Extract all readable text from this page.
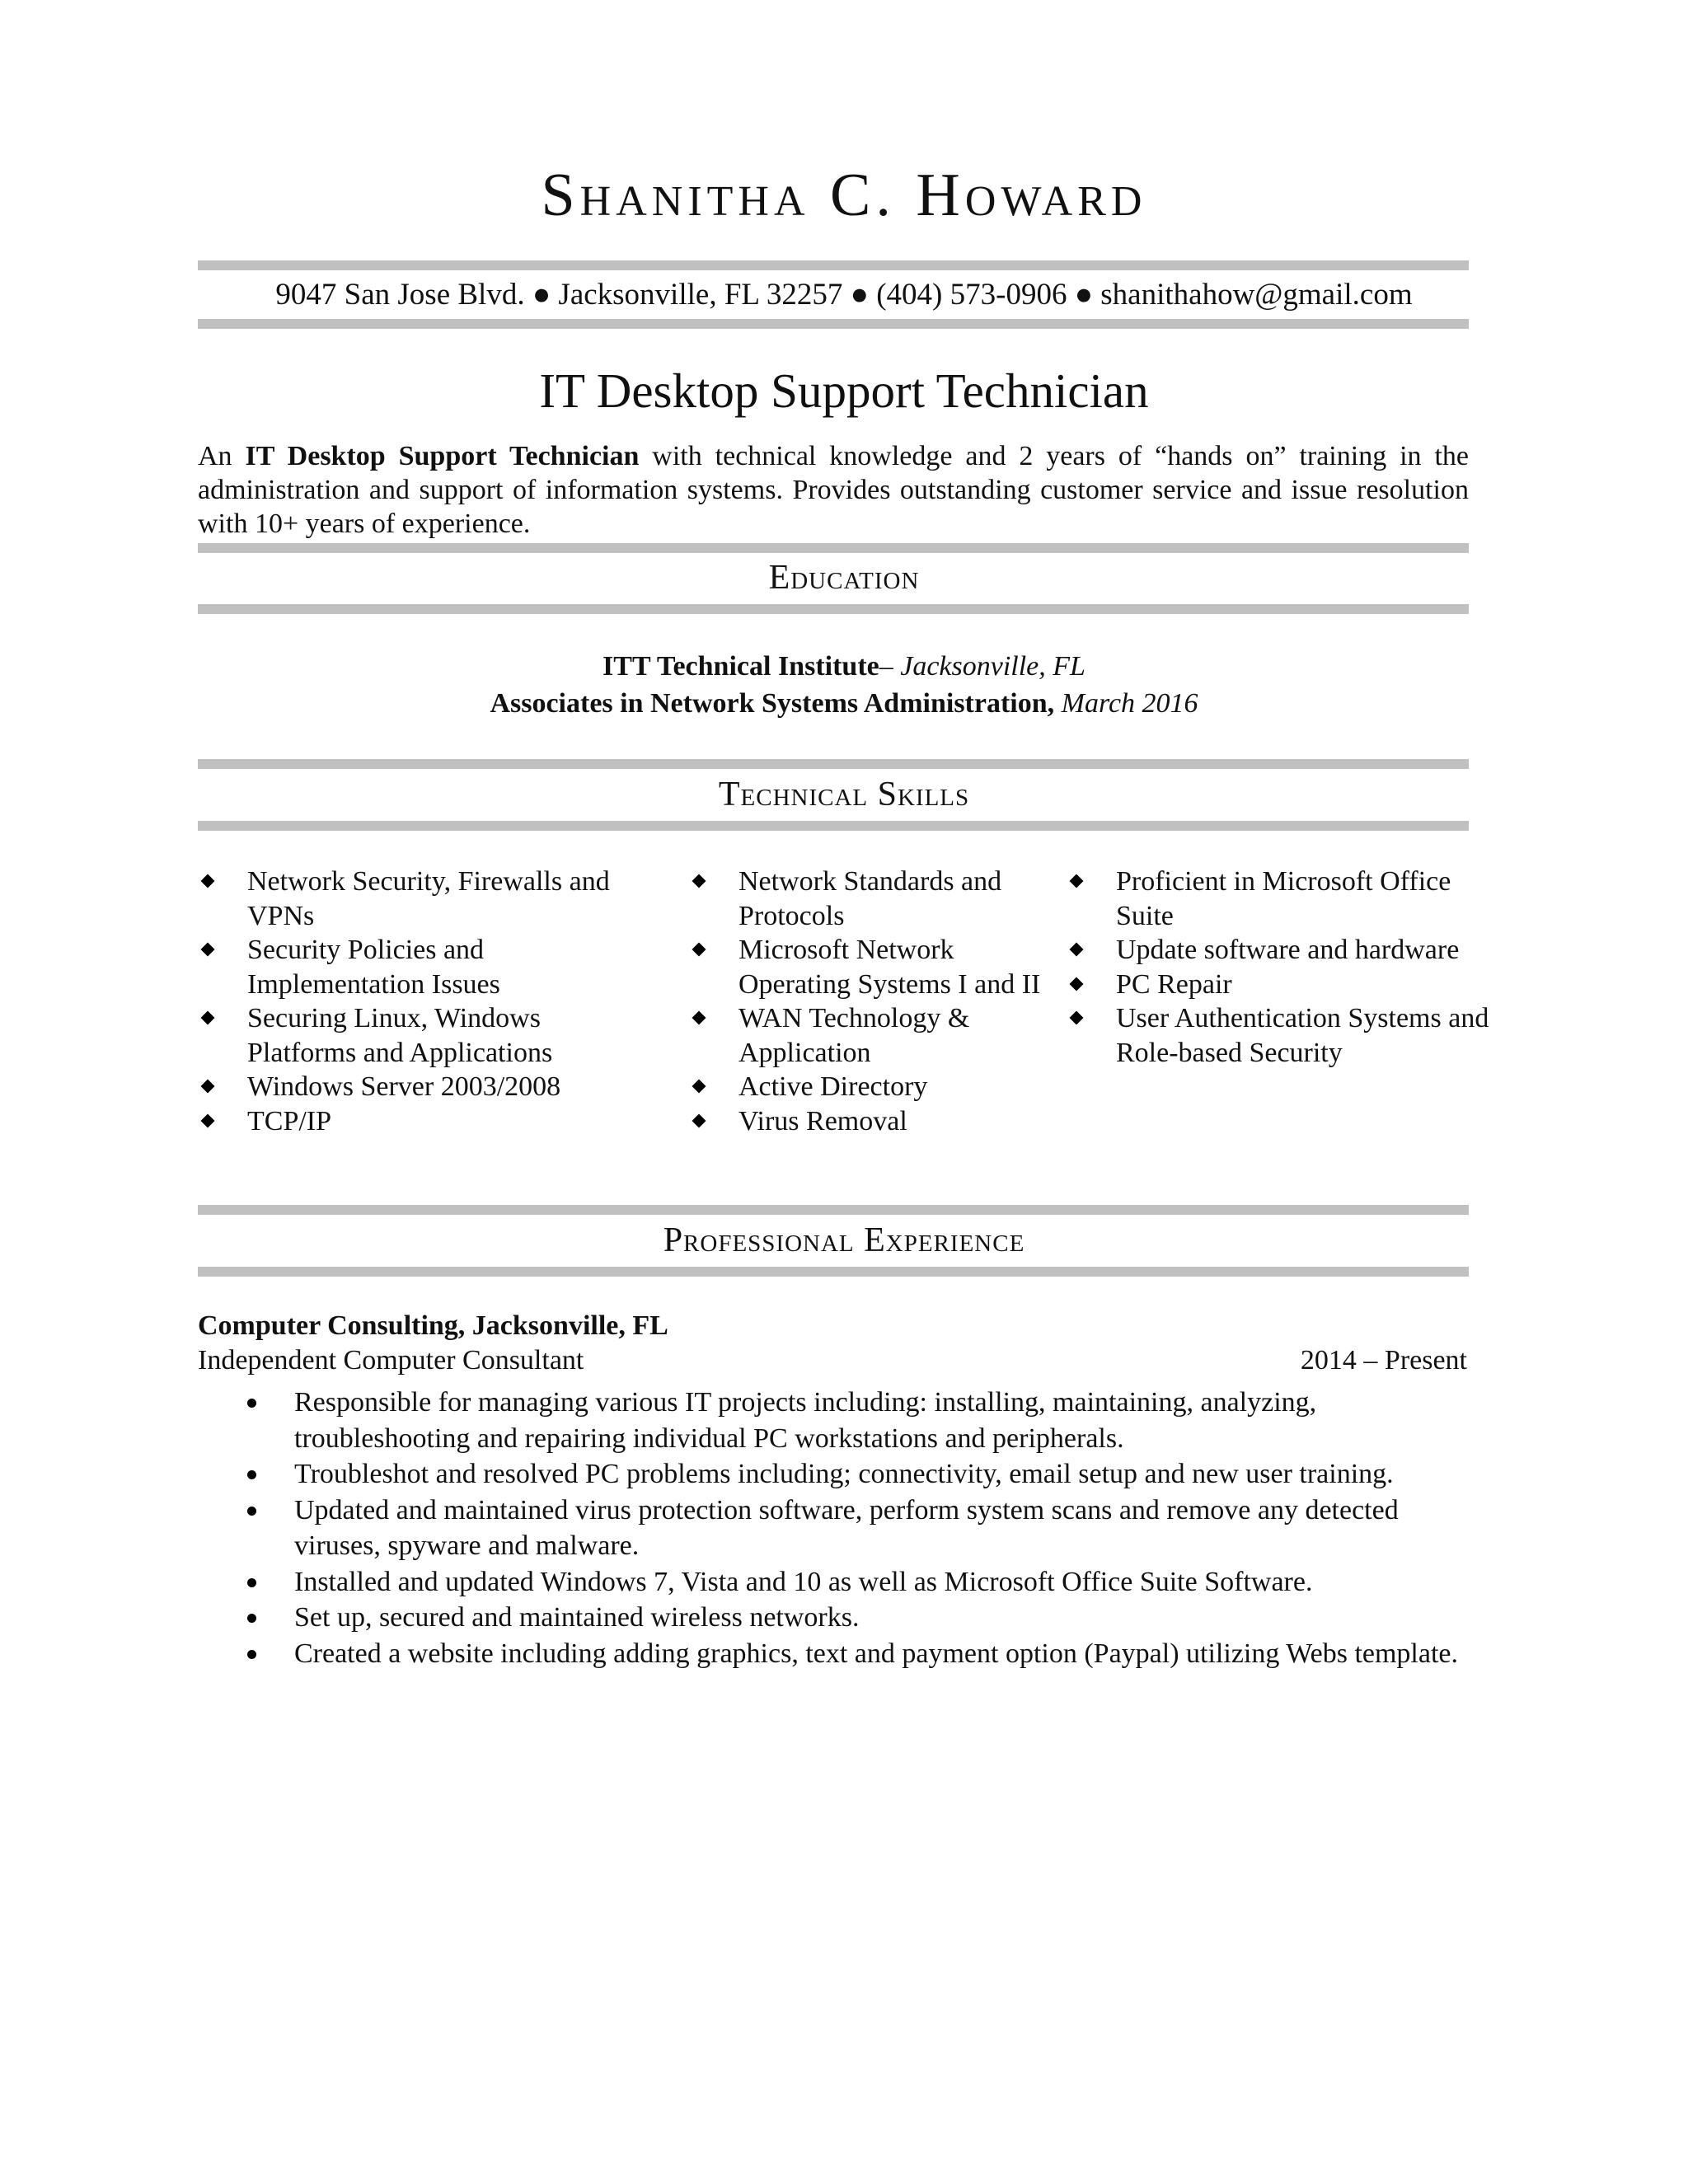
Shanitha C. Howard
9047 San Jose Blvd. ● Jacksonville, FL 32257 ● (404) 573-0906 ● shanithahow@gmail.com
IT Desktop Support Technician
An IT Desktop Support Technician with technical knowledge and 2 years of “hands on” training in the administration and support of information systems. Provides outstanding customer service and issue resolution with 10+ years of experience.
Education
ITT Technical Institute– Jacksonville, FL
Associates in Network Systems Administration, March 2016
Technical Skills
Network Security, Firewalls and VPNs
Security Policies and Implementation Issues
Securing Linux, Windows Platforms and Applications
Windows Server 2003/2008
TCP/IP
Network Standards and Protocols
Microsoft Network Operating Systems I and II
WAN Technology & Application
Active Directory
Virus Removal
Proficient in Microsoft Office Suite
Update software and hardware
PC Repair
User Authentication Systems and Role-based Security
Professional Experience
Computer Consulting, Jacksonville, FL
Independent Computer Consultant	2014 – Present
Responsible for managing various IT projects including: installing, maintaining, analyzing, troubleshooting and repairing individual PC workstations and peripherals.
Troubleshot and resolved PC problems including; connectivity, email setup and new user training.
Updated and maintained virus protection software, perform system scans and remove any detected viruses, spyware and malware.
Installed and updated Windows 7, Vista and 10 as well as Microsoft Office Suite Software.
Set up, secured and maintained wireless networks.
Created a website including adding graphics, text and payment option (Paypal) utilizing Webs template.
